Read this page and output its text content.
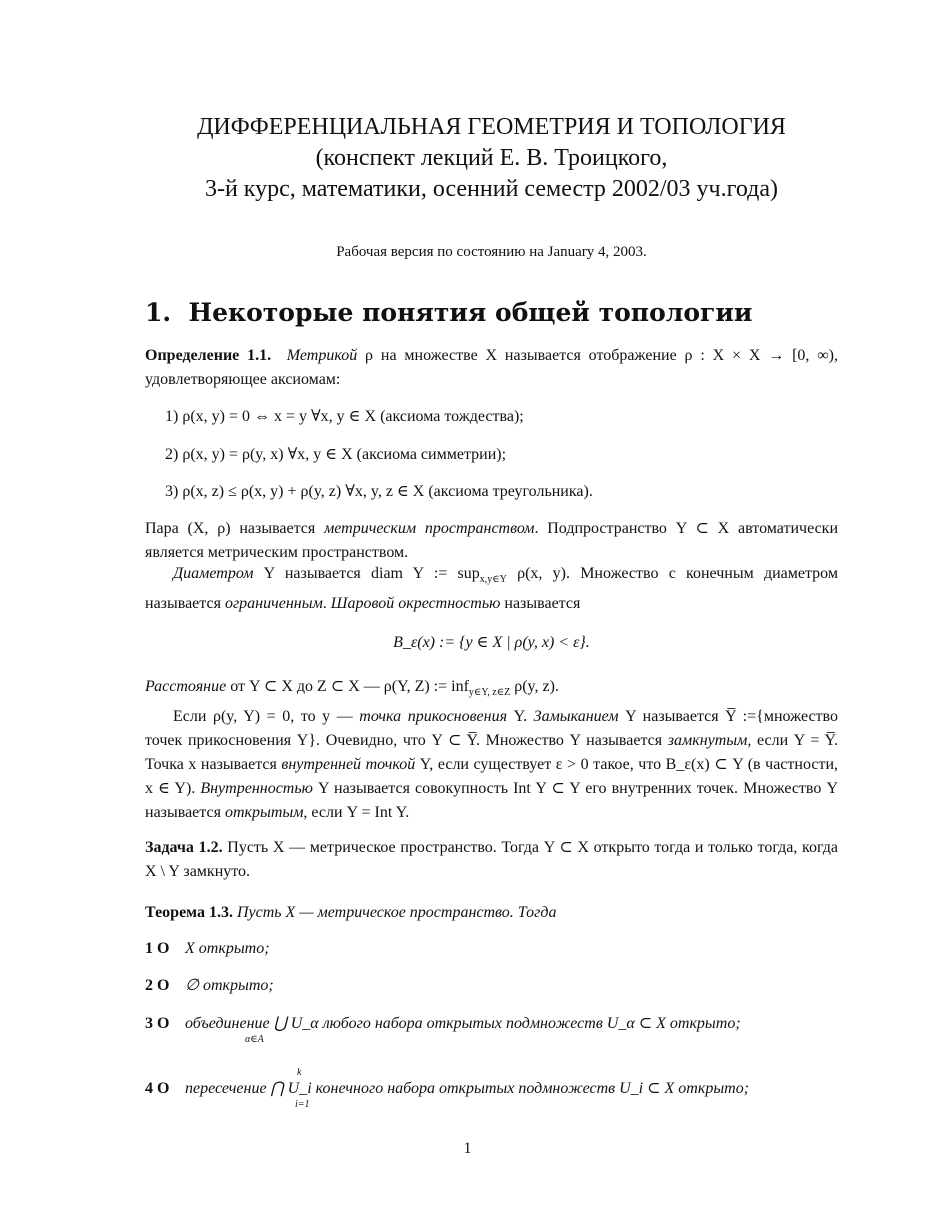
ДИФФЕРЕНЦИАЛЬНАЯ ГЕОМЕТРИЯ И ТОПОЛОГИЯ
(конспект лекций Е. В. Троицкого,
3-й курс, математики, осенний семестр 2002/03 уч.года)
Рабочая версия по состоянию на January 4, 2003.
1. Некоторые понятия общей топологии
Определение 1.1. Метрикой ρ на множестве X называется отображение ρ : X × X → [0, ∞), удовлетворяющее аксиомам:
1) ρ(x, y) = 0 ⇔ x = y ∀x, y ∈ X (аксиома тождества);
2) ρ(x, y) = ρ(y, x) ∀x, y ∈ X (аксиома симметрии);
3) ρ(x, z) ≤ ρ(x, y) + ρ(y, z) ∀x, y, z ∈ X (аксиома треугольника).
Пара (X, ρ) называется метрическим пространством. Подпространство Y ⊂ X автоматически является метрическим пространством.
Диаметром Y называется diam Y := sup$_{x,y\in Y}$ ρ(x, y). Множество с конечным диаметром называется ограниченным. Шаровой окрестностью называется
B_ε(x) := {y ∈ X | ρ(y, x) < ε}.
Расстояние от Y ⊂ X до Z ⊂ X — ρ(Y, Z) := inf$_{y\in Y, z\in Z}$ ρ(y, z).
Если ρ(y, Y) = 0, то y — точка прикосновения Y. Замыканием Y называется Y̅ :={множество точек прикосновения Y}. Очевидно, что Y ⊂ Y̅. Множество Y называется замкнутым, если Y = Y̅. Точка x называется внутренней точкой Y, если существует ε > 0 такое, что B_ε(x) ⊂ Y (в частности, x ∈ Y). Внутренностью Y называется совокупность Int Y ⊂ Y его внутренних точек. Множество Y называется открытым, если Y = Int Y.
Задача 1.2. Пусть X — метрическое пространство. Тогда Y ⊂ X открыто тогда и только тогда, когда X \ Y замкнуто.
Теорема 1.3. Пусть X — метрическое пространство. Тогда
1 O X открыто;
2 O ∅ открыто;
3 O объединение ⋃ U_α любого набора открытых подмножеств U_α ⊂ X открыто;
α∈A
k
4 O пересечение ⋂ U_i конечного набора открытых подмножеств U_i ⊂ X открыто;
i=1
1
